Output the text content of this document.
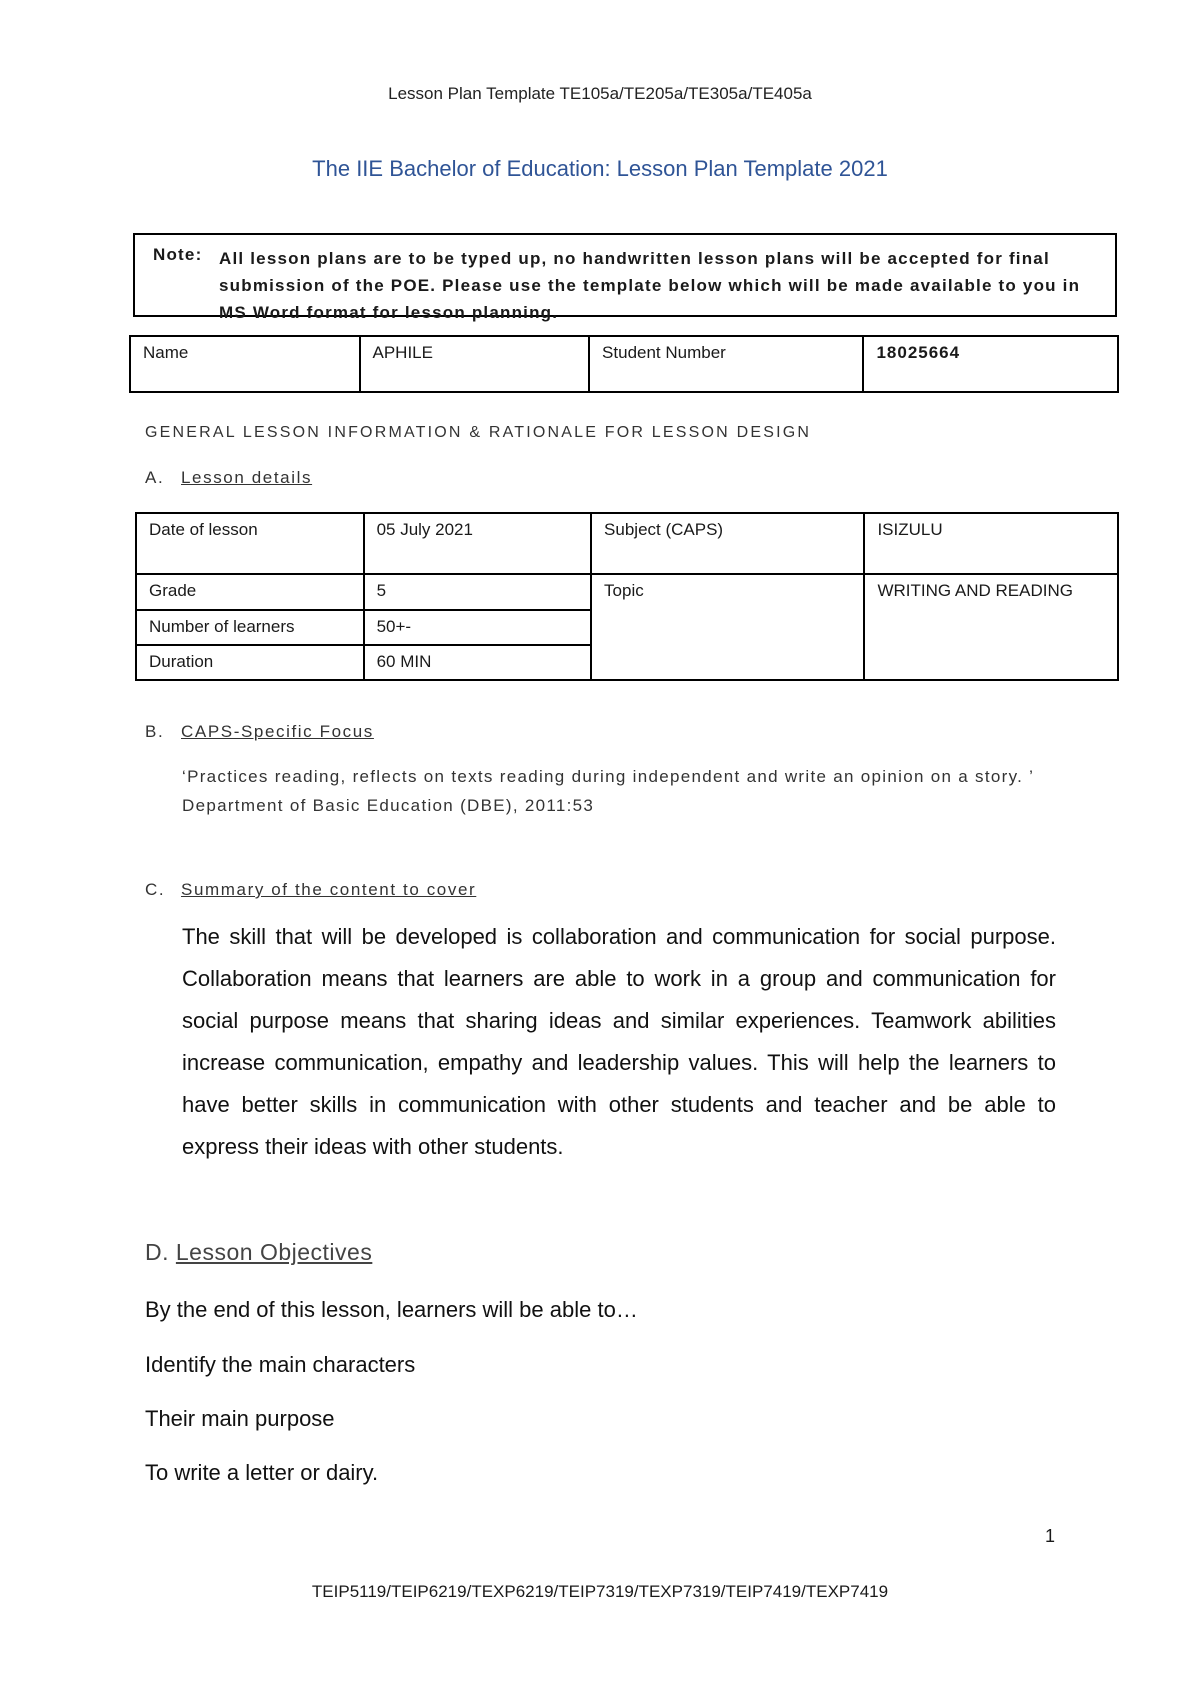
Lesson Plan Template TE105a/TE205a/TE305a/TE405a
The IIE Bachelor of Education: Lesson Plan Template 2021
Note: All lesson plans are to be typed up, no handwritten lesson plans will be accepted for final submission of the POE. Please use the template below which will be made available to you in MS Word format for lesson planning.
Name	APHILE	Student Number	18025664
GENERAL LESSON INFORMATION & RATIONALE FOR LESSON DESIGN
A. Lesson details
Date of lesson	05 July 2021	Subject (CAPS)	ISIZULU
Grade	5	Topic	WRITING AND READING
Number of learners	50+-		
Duration	60 MIN		
B. CAPS-Specific Focus
‘Practices reading, reflects on texts reading during independent and write an opinion on a story. ’ Department of Basic Education (DBE), 2011:53
C. Summary of the content to cover
The skill that will be developed is collaboration and communication for social purpose. Collaboration means that learners are able to work in a group and communication for social purpose means that sharing ideas and similar experiences. Teamwork abilities increase communication, empathy and leadership values. This will help the learners to have better skills in communication with other students and teacher and be able to express their ideas with other students.
D. Lesson Objectives
By the end of this lesson, learners will be able to…
Identify the main characters
Their main purpose
To write a letter or dairy.
1
TEIP5119/TEIP6219/TEXP6219/TEIP7319/TEXP7319/TEIP7419/TEXP7419
